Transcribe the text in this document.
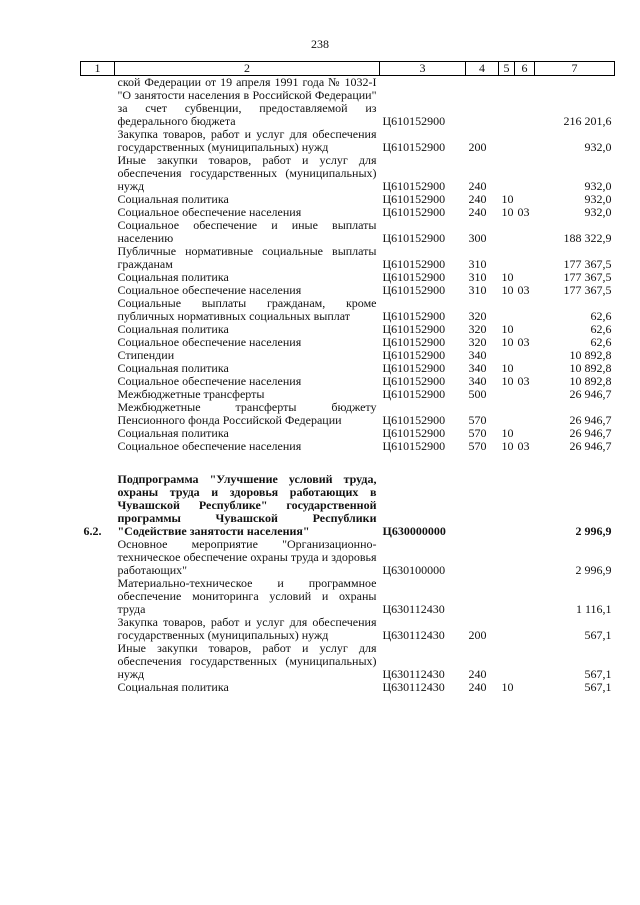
238
1	2	3	4	5	6	7
	ской Федерации от 19 апреля 1991 года № 1032-I "О занятости населения в Российской Федерации" за счет субвенции, предоставляемой из федерального бюджета	Ц610152900				216 201,6
	Закупка товаров, работ и услуг для обеспечения государственных (муниципальных) нужд	Ц610152900	200			932,0
	Иные закупки товаров, работ и услуг для обеспечения государственных (муниципальных) нужд	Ц610152900	240			932,0
	Социальная политика	Ц610152900	240	10		932,0
	Социальное обеспечение населения	Ц610152900	240	10	03	932,0
	Социальное обеспечение и иные выплаты населению	Ц610152900	300			188 322,9
	Публичные нормативные социальные выплаты гражданам	Ц610152900	310			177 367,5
	Социальная политика	Ц610152900	310	10		177 367,5
	Социальное обеспечение населения	Ц610152900	310	10	03	177 367,5
	Социальные выплаты гражданам, кроме публичных нормативных социальных выплат	Ц610152900	320			62,6
	Социальная политика	Ц610152900	320	10		62,6
	Социальное обеспечение населения	Ц610152900	320	10	03	62,6
	Стипендии	Ц610152900	340			10 892,8
	Социальная политика	Ц610152900	340	10		10 892,8
	Социальное обеспечение населения	Ц610152900	340	10	03	10 892,8
	Межбюджетные трансферты	Ц610152900	500			26 946,7
	Межбюджетные трансферты бюджету Пенсионного фонда Российской Федерации	Ц610152900	570			26 946,7
	Социальная политика	Ц610152900	570	10		26 946,7
	Социальное обеспечение населения	Ц610152900	570	10	03	26 946,7

6.2.	Подпрограмма "Улучшение условий труда, охраны труда и здоровья работающих в Чувашской Республике" государственной программы Чувашской Республики "Содействие занятости населения"	Ц630000000				2 996,9
	Основное мероприятие "Организационно-техническое обеспечение охраны труда и здоровья работающих"	Ц630100000				2 996,9
	Материально-техническое и программное обеспечение мониторинга условий и охраны труда	Ц630112430				1 116,1
	Закупка товаров, работ и услуг для обеспечения государственных (муниципальных) нужд	Ц630112430	200			567,1
	Иные закупки товаров, работ и услуг для обеспечения государственных (муниципальных) нужд	Ц630112430	240			567,1
	Социальная политика	Ц630112430	240	10		567,1
